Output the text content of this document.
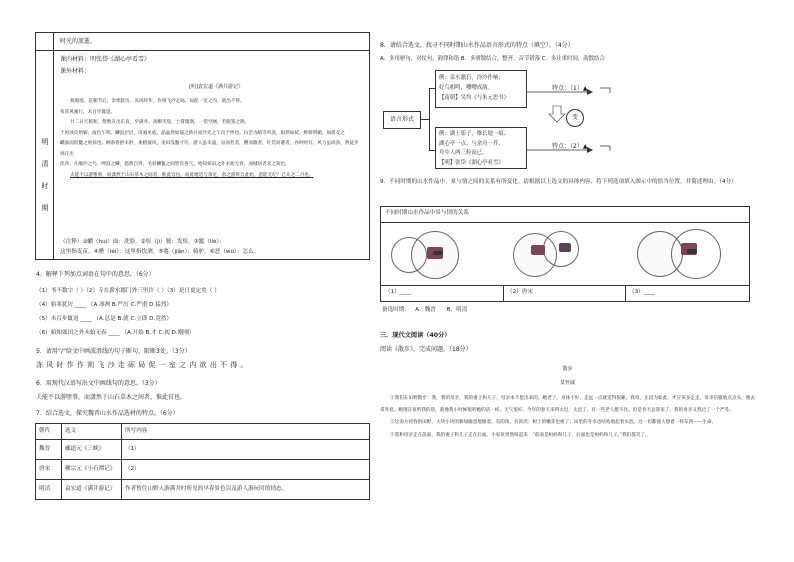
时光的流逝。
明
清
时
期
课内材料：明张岱《湖心亭看雪》
课外材料：
[明]袁宏道《满井游记》
燕地寒，花朝节后，余寒犹厉。冻风时作，作则飞沙走砾。局促一室之内，欲出不得。
每冒风驰行，未百步辄返。
廿二日天稍和，偕数友出东直，至满井。高柳夹堤，土膏微润，一望空阔，若脱笼之鹄。
于时冰皮始解，波色乍明，鳞浪层层，清澈见底，晶晶然如镜之新开而冷光之乍出于匣也。山峦为晴雪所洗，娟然如拭，鲜妍明媚，如倩女之
靧面而髻鬟之始掠也。柳条将舒未舒，柔梢披风，麦田浅鬣寸许。游人虽未盛，泉而茗者，罍而歌者，红装而蹇者，亦时时有。风力虽尚劲，然徒步则汗出
浃背。凡曝沙之鸟，呷浪之鳞，悠然自得，毛羽鳞鬣之间皆有喜气。始知郊田之外未始无春，而城居者未之知也。
夫能不以游堕事，而潇然于山石草木之间者，惟此官也。而此地适与余近，余之游将自此始，恶能无纪？己亥之二月也。
（注释）①靧（huì）面：洗脸。②髻（jì）鬟：发髻。③鬣（liè）：
这里指麦苗。④罍（léi）：这里指饮酒。⑤蹇（jiǎn）：骑驴。⑥恶（wū）：怎么。
4．解释下列加点词语在句中的意思。（6分）
（1）书不数字（ ）（2）寺在薪水郡门外三里许（ ）（3）是日更定矣（ ）
（4）始寒犹厉 ____ （A.凛冽 B.严厉 C.严重 D.猛烈）
（5）未百步辄返 ____ （A.总是 B.就 C.立即 D.竟然）
（6）始知郊田之外未始无春 ____ （A.开始 B.才 C.初 D.刚刚）
5．请用“/”给文中画波浪线的句子断句，限断3处。（3分）
冻 风 时 作 作 则 飞 沙 走 砾 局 促 一 室 之 内 欲 出 不 得 。
6．用现代汉语写出文中画线句的意思。（3分）
夫能不以游堕事，而潇然于山石草木之间者，惟此官也。
7．结合选文，探究魏晋山水作品选材的特点。（6分）
朝代	选文	所写内容
魏晋	郦道元《三峡》	（1）
唐宋	柳宗元《小石潭记》	（2）
明清	袁宏道《满井游记》	作者暂住山野人游满井时所见的早春景色以及游人游玩时的情态。
8．请结合选文，找寻不同时期山水作品语言形式的特点（填空）。（4分）
A．多用骈句、对仗句，韵律和谐 B．多骈散结合，整齐、音节错落 C．多注重时间，韵散结合
语言形式
例：泉水激石，泠泠作响；
好鸟相鸣，嘤嘤成韵。
【南朝】吴均《与朱元思书》
例：湖上影子，惟长堤一痕、
湖心亭一点、与余舟一芥、
舟中人两三粒而已。
【明】张岱《湖心亭看雪》
变
特点：（1）▲
特点：（2）▲
9．不同时期的山水作品中，景与情之间的关系有所变化。请根据以上选文的具体内容，将下列选项填入图示中的恰当位置，并简述理由。（4分）
不同时期山水作品中景与情的关系
（1）____	（2）唐宋	（3）____
备选时期：   A．魏晋      B．明清
三．现代文阅读（40分）
阅读《散步》，完成问题。（18分）
散步
莫怀戚
①我们在田野散步：我，我的母亲，我的妻子和儿子。母亲本不愿出来的。她老了，身体不好，走远一点就觉得很累。我说，正因为如此，才应该多走走。母亲信服地点点头，便去拿外套。她现在很听我的话，就像我小时候很听她的话一样。天气很好。今年的春天来得太迟，太迟了，有一些老人挺不住。但是春天总算来了。我的母亲又熬过了一个严冬。
②这南方初春的田野，大块小块的新绿随意地铺着，有的浓，有的淡；树上的嫩芽也密了；田里的冬水也咕咕地起着水泡。这一切都使人想着一样东西——生命。
③我和母亲走在前面，我的妻子和儿子走在后面。小家伙突然叫起来：“前面是妈妈和儿子，后面也是妈妈和儿子。”我们都笑了。
